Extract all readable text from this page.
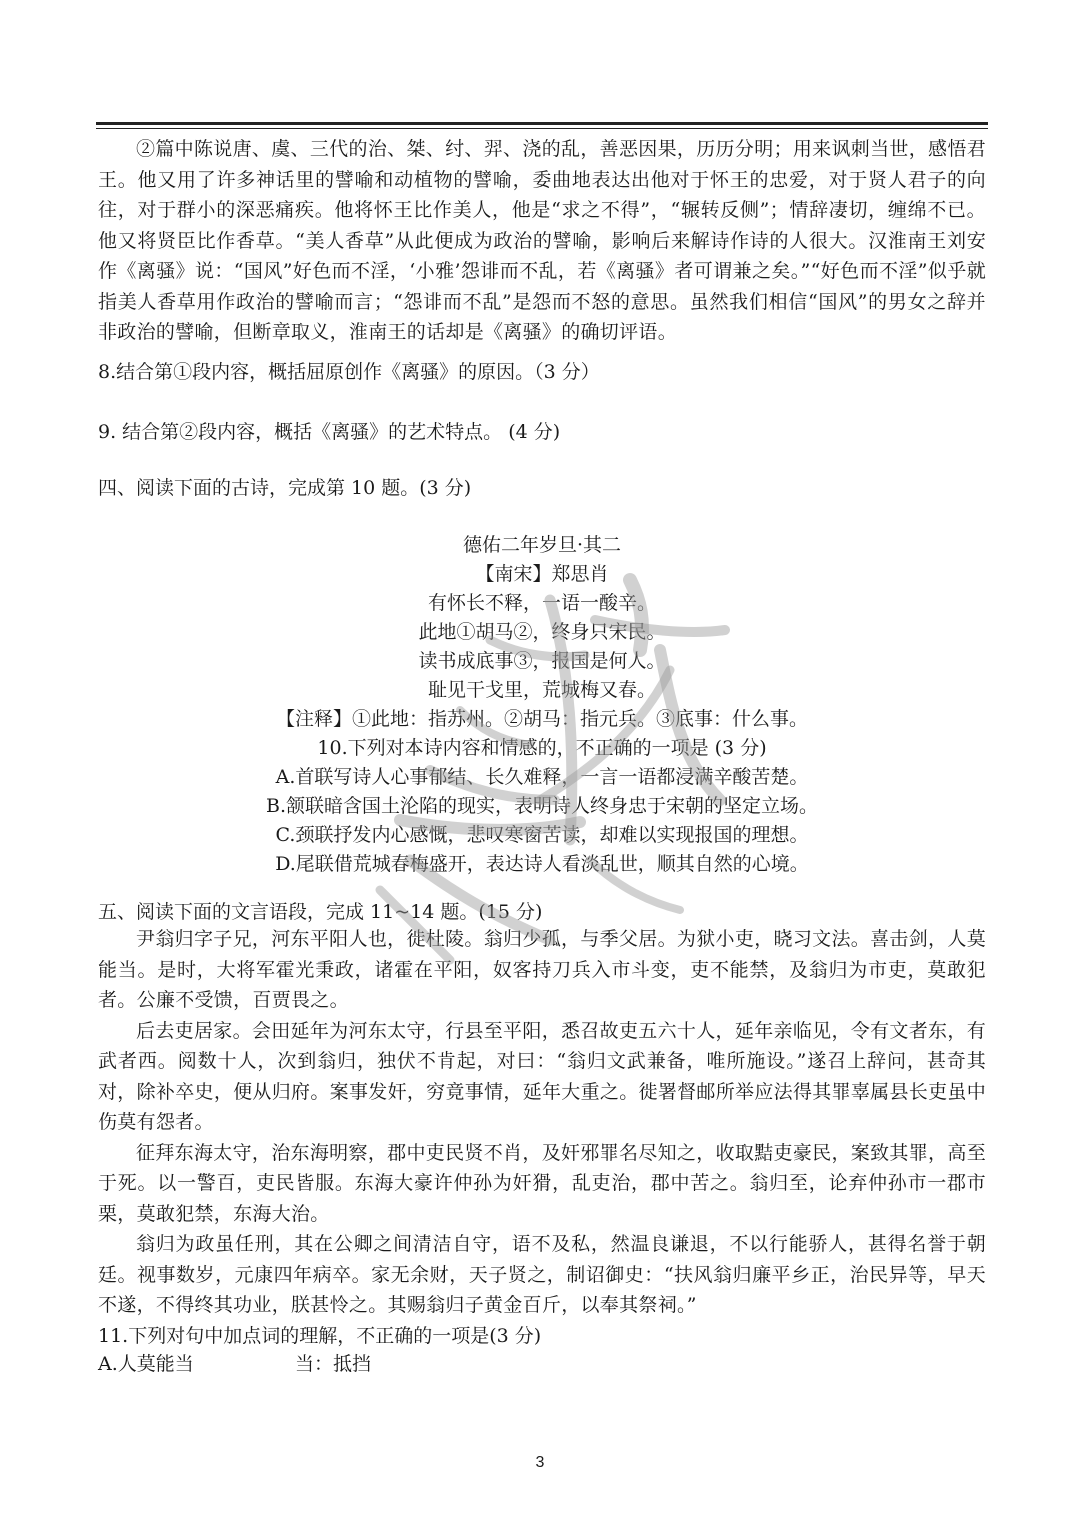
②篇中陈说唐、虞、三代的治、桀、纣、羿、浇的乱，善恶因果，历历分明；用来讽刺当世，感悟君王。他又用了许多神话里的譬喻和动植物的譬喻，委曲地表达出他对于怀王的忠爱，对于贤人君子的向往，对于群小的深恶痛疾。他将怀王比作美人，他是“求之不得”，“辗转反侧”；情辞凄切，缠绵不已。他又将贤臣比作香草。“美人香草”从此便成为政治的譬喻，影响后来解诗作诗的人很大。汉淮南王刘安作《离骚》说：“国风”好色而不淫，‘小雅’怨诽而不乱，若《离骚》者可谓兼之矣。”“好色而不淫”似乎就指美人香草用作政治的譬喻而言；“怨诽而不乱”是怨而不怒的意思。虽然我们相信“国风”的男女之辞并非政治的譬喻，但断章取义，淮南王的话却是《离骚》的确切评语。

8.结合第①段内容，概括屈原创作《离骚》的原因。（3 分）

9. 结合第②段内容，概括《离骚》的艺术特点。 (4 分)

四、阅读下面的古诗，完成第 10 题。(3 分)

德佑二年岁旦·其二
【南宋】郑思肖
有怀长不释，一语一酸辛。
此地①胡马②，终身只宋民。
读书成底事③，报国是何人。
耻见干戈里，荒城梅又春。
【注释】①此地：指苏州。②胡马：指元兵。③底事：什么事。
10.下列对本诗内容和情感的，不正确的一项是 (3 分)
A.首联写诗人心事郁结、长久难释，一言一语都浸满辛酸苦楚。
B.颔联暗含国土沦陷的现实，表明诗人终身忠于宋朝的坚定立场。
C.颈联抒发内心感慨，悲叹寒窗苦读，却难以实现报国的理想。
D.尾联借荒城春梅盛开，表达诗人看淡乱世，顺其自然的心境。

五、阅读下面的文言语段，完成 11~14 题。(15 分)

尹翁归字子兄，河东平阳人也，徙杜陵。翁归少孤，与季父居。为狱小吏，晓习文法。喜击剑，人莫能当。是时，大将军霍光秉政，诸霍在平阳，奴客持刀兵入市斗变，吏不能禁，及翁归为市吏，莫敢犯者。公廉不受馈，百贾畏之。

后去吏居家。会田延年为河东太守，行县至平阳，悉召故吏五六十人，延年亲临见，令有文者东，有武者西。阅数十人，次到翁归，独伏不肯起，对曰：“翁归文武兼备，唯所施设。”遂召上辞问，甚奇其对，除补卒史，便从归府。案事发奸，穷竟事情，延年大重之。徙署督邮所举应法得其罪辜属县长吏虽中伤莫有怨者。

征拜东海太守，治东海明察，郡中吏民贤不肖，及奸邪罪名尽知之，收取黠吏豪民，案致其罪，高至于死。以一警百，吏民皆服。东海大豪许仲孙为奸猾，乱吏治，郡中苦之。翁归至，论弃仲孙市一郡市栗，莫敢犯禁，东海大治。

翁归为政虽任刑，其在公卿之间清洁自守，语不及私，然温良谦退，不以行能骄人，甚得名誉于朝廷。视事数岁，元康四年病卒。家无余财，天子贤之，制诏御史：“扶风翁归廉平乡正，治民异等，早天不遂，不得终其功业，朕甚怜之。其赐翁归子黄金百斤，以奉其祭祠。”

11.下列对句中加点词的理解，不正确的一项是(3 分)

A.人莫能当	当：抵挡
3
